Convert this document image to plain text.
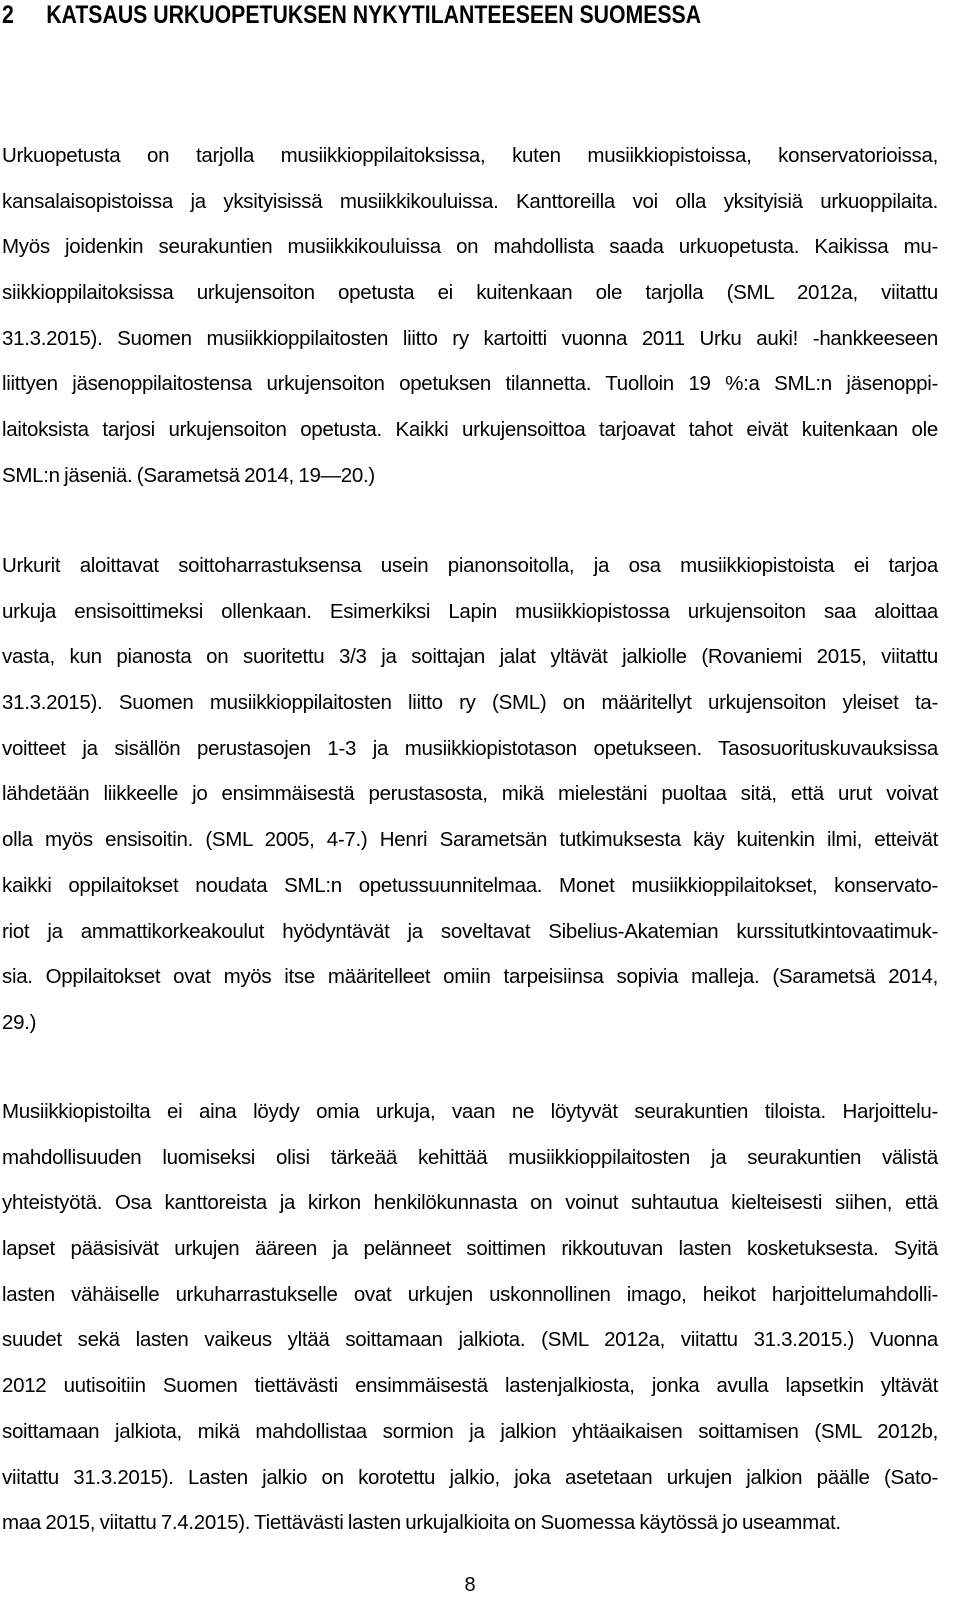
2 KATSAUS URKUOPETUKSEN NYKYTILANTEESEEN SUOMESSA
Urkuopetusta on tarjolla musiikkioppilaitoksissa, kuten musiikkiopistoissa, konservatorioissa,
kansalaisopistoissa ja yksityisissä musiikkikouluissa. Kanttoreilla voi olla yksityisiä urkuoppilaita.
Myös joidenkin seurakuntien musiikkikouluissa on mahdollista saada urkuopetusta. Kaikissa mu-
siikkioppilaitoksissa urkujensoiton opetusta ei kuitenkaan ole tarjolla (SML 2012a, viitattu
31.3.2015). Suomen musiikkioppilaitosten liitto ry kartoitti vuonna 2011 Urku auki! -hankkeeseen
liittyen jäsenoppilaitostensa urkujensoiton opetuksen tilannetta. Tuolloin 19 %:a SML:n jäsenoppi-
laitoksista tarjosi urkujensoiton opetusta. Kaikki urkujensoittoa tarjoavat tahot eivät kuitenkaan ole
SML:n jäseniä. (Sarametsä 2014, 19—20.)
Urkurit aloittavat soittoharrastuksensa usein pianonsoitolla, ja osa musiikkiopistoista ei tarjoa
urkuja ensisoittimeksi ollenkaan. Esimerkiksi Lapin musiikkiopistossa urkujensoiton saa aloittaa
vasta, kun pianosta on suoritettu 3/3 ja soittajan jalat yltävät jalkiolle (Rovaniemi 2015, viitattu
31.3.2015). Suomen musiikkioppilaitosten liitto ry (SML) on määritellyt urkujensoiton yleiset ta-
voitteet ja sisällön perustasojen 1-3 ja musiikkiopistotason opetukseen. Tasosuorituskuvauksissa
lähdetään liikkeelle jo ensimmäisestä perustasosta, mikä mielestäni puoltaa sitä, että urut voivat
olla myös ensisoitin. (SML 2005, 4-7.) Henri Sarametsän tutkimuksesta käy kuitenkin ilmi, etteivät
kaikki oppilaitokset noudata SML:n opetussuunnitelmaa. Monet musiikkioppilaitokset, konservato-
riot ja ammattikorkeakoulut hyödyntävät ja soveltavat Sibelius-Akatemian kurssitutkintovaatimuk-
sia. Oppilaitokset ovat myös itse määritelleet omiin tarpeisiinsa sopivia malleja. (Sarametsä 2014,
29.)
Musiikkiopistoilta ei aina löydy omia urkuja, vaan ne löytyvät seurakuntien tiloista. Harjoittelu-
mahdollisuuden luomiseksi olisi tärkeää kehittää musiikkioppilaitosten ja seurakuntien välistä
yhteistyötä. Osa kanttoreista ja kirkon henkilökunnasta on voinut suhtautua kielteisesti siihen, että
lapset pääsisivät urkujen ääreen ja pelänneet soittimen rikkoutuvan lasten kosketuksesta. Syitä
lasten vähäiselle urkuharrastukselle ovat urkujen uskonnollinen imago, heikot harjoittelumahdolli-
suudet sekä lasten vaikeus yltää soittamaan jalkiota. (SML 2012a, viitattu 31.3.2015.) Vuonna
2012 uutisoitiin Suomen tiettävästi ensimmäisestä lastenjalkiosta, jonka avulla lapsetkin yltävät
soittamaan jalkiota, mikä mahdollistaa sormion ja jalkion yhtäaikaisen soittamisen (SML 2012b,
viitattu 31.3.2015). Lasten jalkio on korotettu jalkio, joka asetetaan urkujen jalkion päälle (Sato-
maa 2015, viitattu 7.4.2015). Tiettävästi lasten urkujalkioita on Suomessa käytössä jo useammat.
8
